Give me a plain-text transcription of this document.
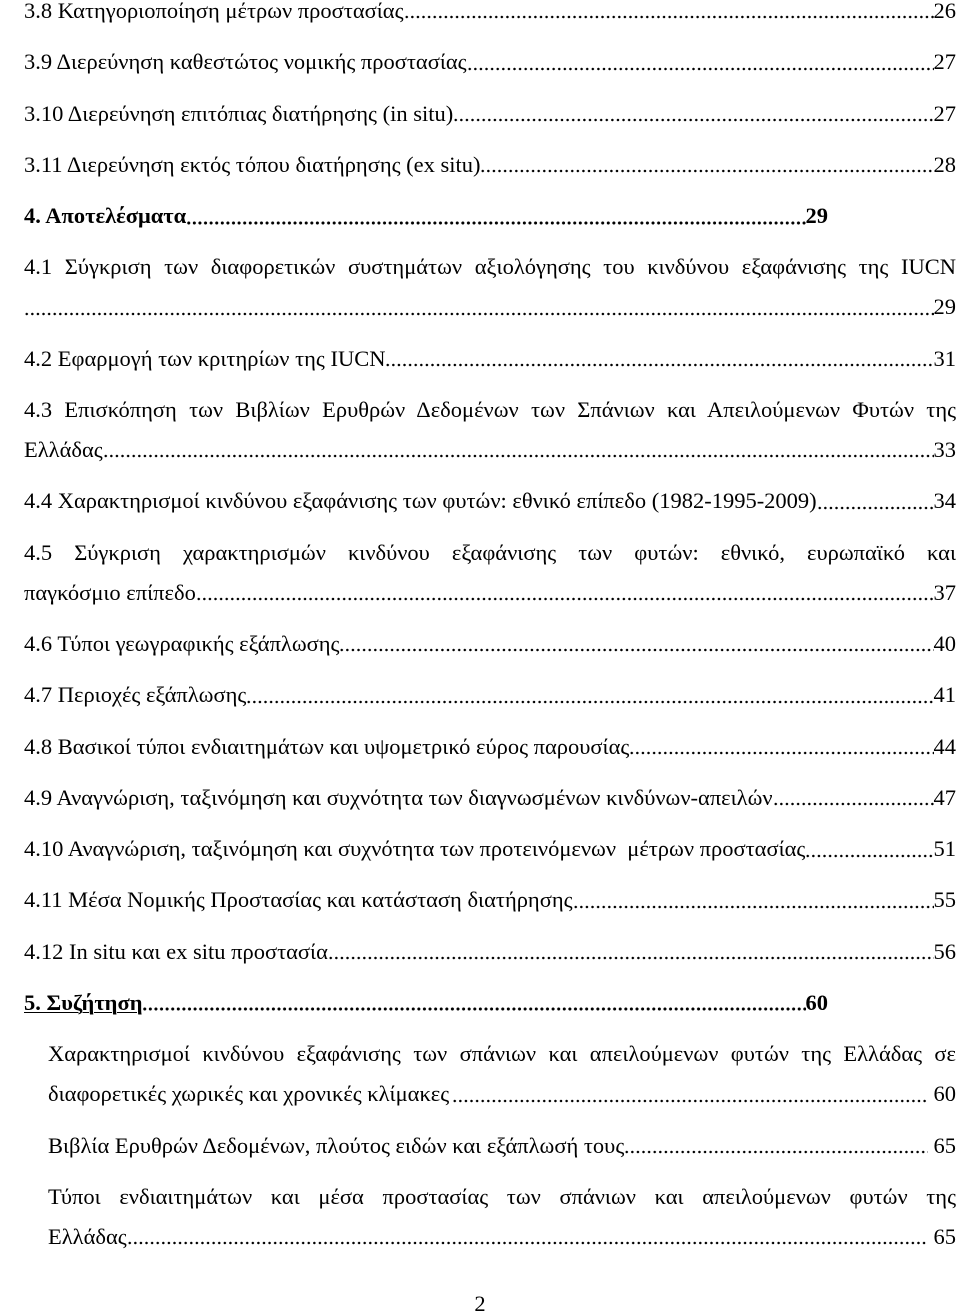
3.8 Κατηγοριοποίηση μέτρων προστασίας	26
3.9 Διερεύνηση καθεστώτος νομικής προστασίας	27
3.10 Διερεύνηση επιτόπιας διατήρησης (in situ)	27
3.11 Διερεύνηση εκτός τόπου διατήρησης (ex situ)	28
4. Αποτελέσματα	29
4.1 Σύγκριση των διαφορετικών συστημάτων αξιολόγησης του κινδύνου εξαφάνισης της IUCN
29
4.2 Εφαρμογή των κριτηρίων της IUCN	31
4.3 Επισκόπηση των Βιβλίων Ερυθρών Δεδομένων των Σπάνιων και Απειλούμενων Φυτών της
Ελλάδας	33
4.4 Χαρακτηρισμοί κινδύνου εξαφάνισης των φυτών: εθνικό επίπεδο (1982-1995-2009)	34
4.5 Σύγκριση χαρακτηρισμών κινδύνου εξαφάνισης των φυτών: εθνικό, ευρωπαϊκό και
παγκόσμιο επίπεδο	37
4.6 Τύποι γεωγραφικής εξάπλωσης	40
4.7 Περιοχές εξάπλωσης	41
4.8 Βασικοί τύποι ενδιαιτημάτων και υψομετρικό εύρος παρουσίας	44
4.9 Αναγνώριση, ταξινόμηση και συχνότητα των διαγνωσμένων κινδύνων-απειλών	47
4.10 Αναγνώριση, ταξινόμηση και συχνότητα των προτεινόμενων  μέτρων προστασίας	51
4.11 Μέσα Νομικής Προστασίας και κατάσταση διατήρησης	55
4.12 In situ και ex situ προστασία	56
5. Συζήτηση	60
Χαρακτηρισμοί κινδύνου εξαφάνισης των σπάνιων και απειλούμενων φυτών της Ελλάδας σε
διαφορετικές χωρικές και χρονικές κλίμακες	60
Βιβλία Ερυθρών Δεδομένων, πλούτος ειδών και εξάπλωσή τους	65
Τύποι ενδιαιτημάτων και μέσα προστασίας των σπάνιων και απειλούμενων φυτών της
Ελλάδας	65
2
